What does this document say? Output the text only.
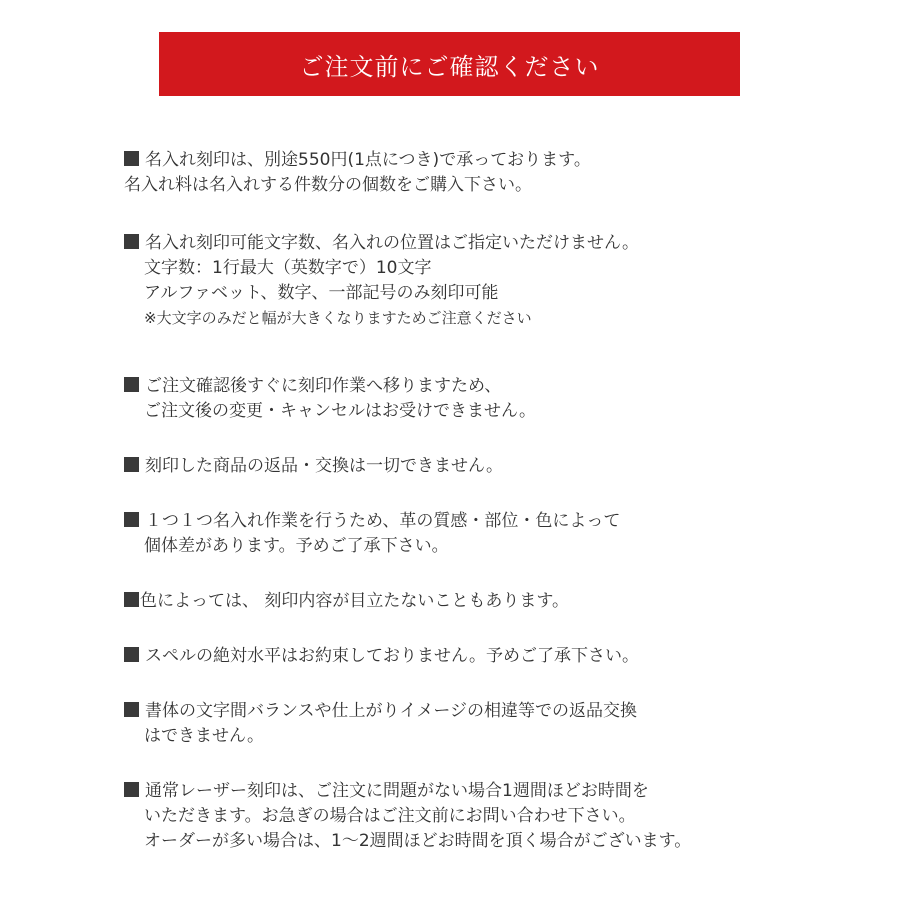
ご注文前にご確認ください
名入れ刻印は、別途550円(1点につき)で承っております。
名入れ料は名入れする件数分の個数をご購入下さい。
名入れ刻印可能文字数、名入れの位置はご指定いただけません。
文字数：1行最大（英数字で）10文字
アルファベット、数字、一部記号のみ刻印可能
※大文字のみだと幅が大きくなりますためご注意ください
ご注文確認後すぐに刻印作業へ移りますため、
ご注文後の変更・キャンセルはお受けできません。
刻印した商品の返品・交換は一切できません。
１つ１つ名入れ作業を行うため、革の質感・部位・色によって
個体差があります。予めご了承下さい。
色によっては、 刻印内容が目立たないこともあります。
スペルの絶対水平はお約束しておりません。予めご了承下さい。
書体の文字間バランスや仕上がりイメージの相違等での返品交換
はできません。
通常レーザー刻印は、ご注文に問題がない場合1週間ほどお時間を
いただきます。お急ぎの場合はご注文前にお問い合わせ下さい。
オーダーが多い場合は、1〜2週間ほどお時間を頂く場合がございます。
